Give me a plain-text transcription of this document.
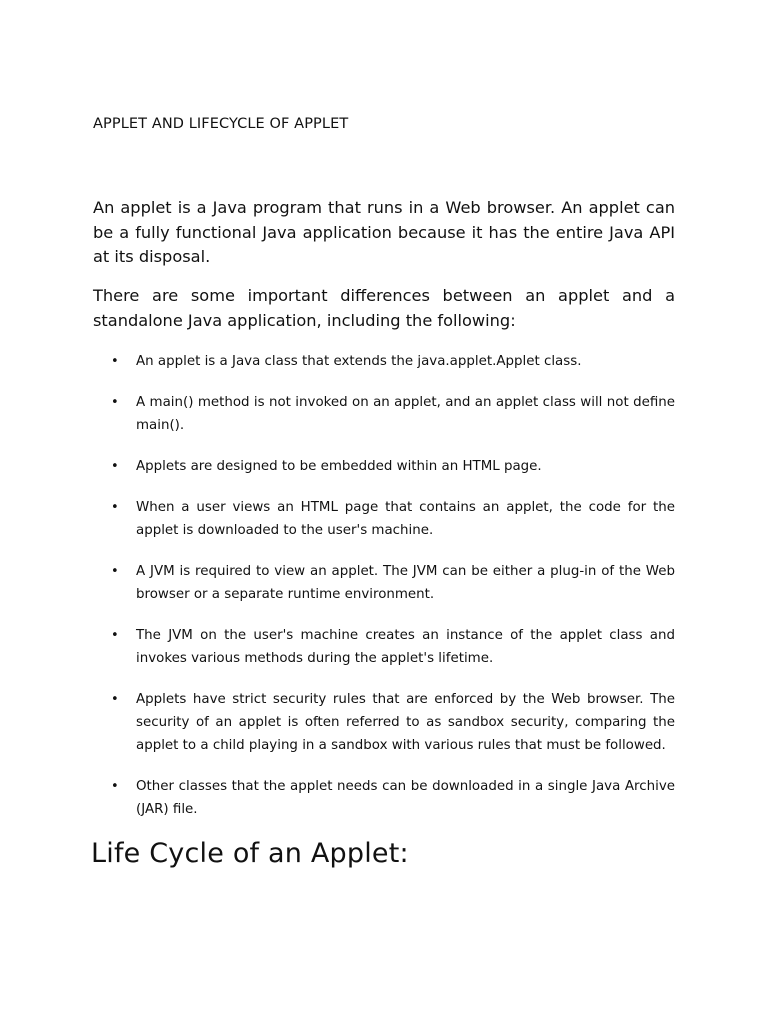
APPLET AND LIFECYCLE OF APPLET

An applet is a Java program that runs in a Web browser. An applet can be a fully functional Java application because it has the entire Java API at its disposal.

There are some important differences between an applet and a standalone Java application, including the following:

• An applet is a Java class that extends the java.applet.Applet class.
• A main() method is not invoked on an applet, and an applet class will not define main().
• Applets are designed to be embedded within an HTML page.
• When a user views an HTML page that contains an applet, the code for the applet is downloaded to the user's machine.
• A JVM is required to view an applet. The JVM can be either a plug-in of the Web browser or a separate runtime environment.
• The JVM on the user's machine creates an instance of the applet class and invokes various methods during the applet's lifetime.
• Applets have strict security rules that are enforced by the Web browser. The security of an applet is often referred to as sandbox security, comparing the applet to a child playing in a sandbox with various rules that must be followed.
• Other classes that the applet needs can be downloaded in a single Java Archive (JAR) file.
Life Cycle of an Applet:
